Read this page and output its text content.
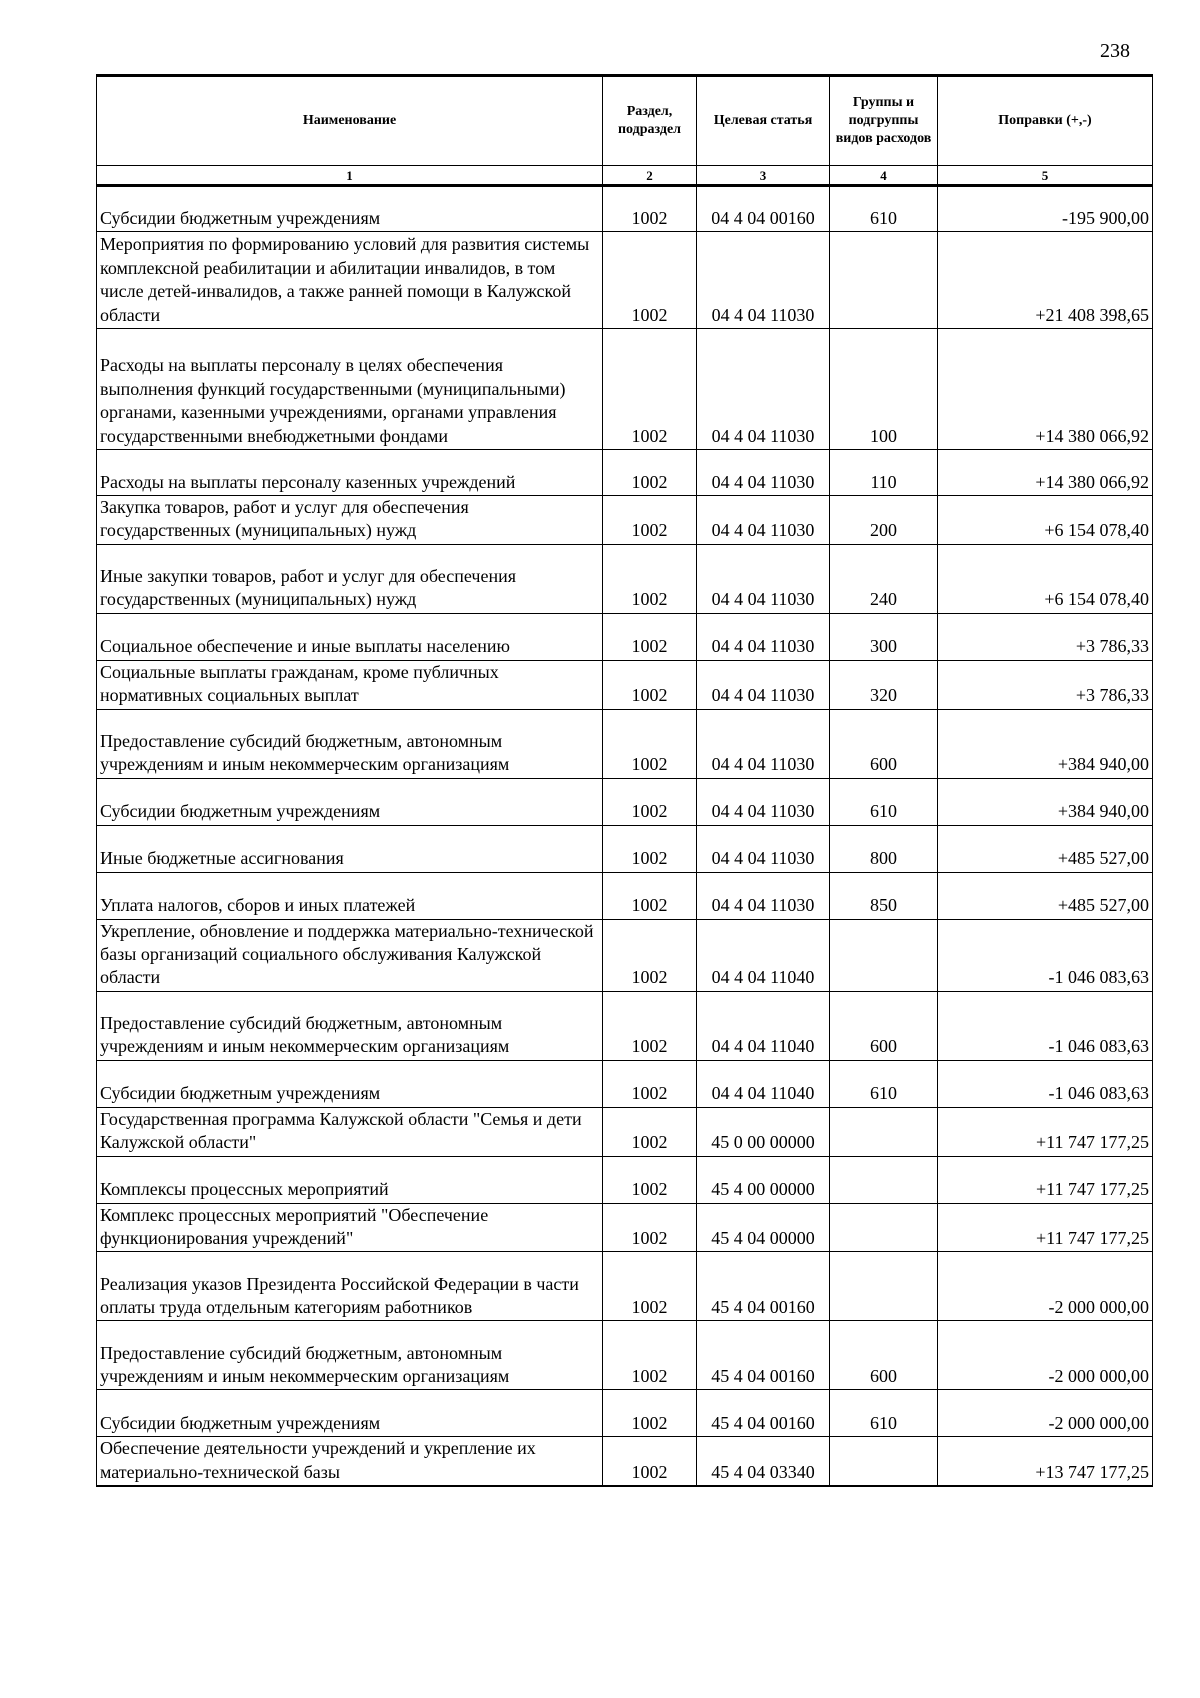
238
Наименование	Раздел, подраздел	Целевая статья	Группы и подгруппы видов расходов	Поправки (+,-)
1	2	3	4	5
Субсидии бюджетным учреждениям	1002	04 4 04 00160	610	-195 900,00
Мероприятия по формированию условий для развития системы комплексной реабилитации и абилитации инвалидов, в том числе детей-инвалидов, а также ранней помощи в Калужской области	1002	04 4 04 11030		+21 408 398,65
Расходы на выплаты персоналу в целях обеспечения выполнения функций государственными (муниципальными) органами, казенными учреждениями, органами управления государственными внебюджетными фондами	1002	04 4 04 11030	100	+14 380 066,92
Расходы на выплаты персоналу казенных учреждений	1002	04 4 04 11030	110	+14 380 066,92
Закупка товаров, работ и услуг для обеспечения государственных (муниципальных) нужд	1002	04 4 04 11030	200	+6 154 078,40
Иные закупки товаров, работ и услуг для обеспечения государственных (муниципальных) нужд	1002	04 4 04 11030	240	+6 154 078,40
Социальное обеспечение и иные выплаты населению	1002	04 4 04 11030	300	+3 786,33
Социальные выплаты гражданам, кроме публичных нормативных социальных выплат	1002	04 4 04 11030	320	+3 786,33
Предоставление субсидий бюджетным, автономным учреждениям и иным некоммерческим организациям	1002	04 4 04 11030	600	+384 940,00
Субсидии бюджетным учреждениям	1002	04 4 04 11030	610	+384 940,00
Иные бюджетные ассигнования	1002	04 4 04 11030	800	+485 527,00
Уплата налогов, сборов и иных платежей	1002	04 4 04 11030	850	+485 527,00
Укрепление, обновление и поддержка материально-технической базы организаций социального обслуживания Калужской области	1002	04 4 04 11040		-1 046 083,63
Предоставление субсидий бюджетным, автономным учреждениям и иным некоммерческим организациям	1002	04 4 04 11040	600	-1 046 083,63
Субсидии бюджетным учреждениям	1002	04 4 04 11040	610	-1 046 083,63
Государственная программа Калужской области "Семья и дети Калужской области"	1002	45 0 00 00000		+11 747 177,25
Комплексы процессных мероприятий	1002	45 4 00 00000		+11 747 177,25
Комплекс процессных мероприятий "Обеспечение функционирования учреждений"	1002	45 4 04 00000		+11 747 177,25
Реализация указов Президента Российской Федерации в части оплаты труда отдельным категориям работников	1002	45 4 04 00160		-2 000 000,00
Предоставление субсидий бюджетным, автономным учреждениям и иным некоммерческим организациям	1002	45 4 04 00160	600	-2 000 000,00
Субсидии бюджетным учреждениям	1002	45 4 04 00160	610	-2 000 000,00
Обеспечение деятельности учреждений и укрепление их материально-технической базы	1002	45 4 04 03340		+13 747 177,25
